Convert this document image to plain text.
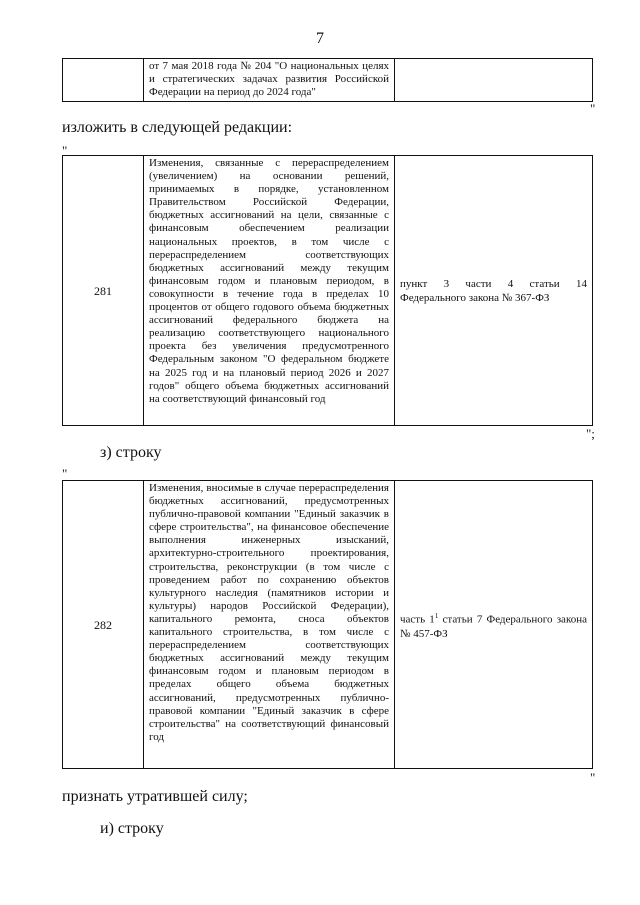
7
	от 7 мая 2018 года № 204 "О национальных целях и стратегических задачах развития Российской Федерации на период до 2024 года"	
"
изложить в следующей редакции:
"
281	Изменения, связанные с перераспределением (увеличением) на основании решений, принимаемых в порядке, установленном Правительством Российской Федерации, бюджетных ассигнований на цели, связанные с финансовым обеспечением реализации национальных проектов, в том числе с перераспределением соответствующих бюджетных ассигнований между текущим финансовым годом и плановым периодом, в совокупности в течение года в пределах 10 процентов от общего годового объема бюджетных ассигнований федерального бюджета на реализацию соответствующего национального проекта без увеличения предусмотренного Федеральным законом "О федеральном бюджете на 2025 год и на плановый период 2026 и 2027 годов" общего объема бюджетных ассигнований на соответствующий финансовый год	пункт 3 части 4 статьи 14 Федерального закона № 367-ФЗ
";
з) строку
"
282	Изменения, вносимые в случае перераспределения бюджетных ассигнований, предусмотренных публично-правовой компании "Единый заказчик в сфере строительства", на финансовое обеспечение выполнения инженерных изысканий, архитектурно-строительного проектирования, строительства, реконструкции (в том числе с проведением работ по сохранению объектов культурного наследия (памятников истории и культуры) народов Российской Федерации), капитального ремонта, сноса объектов капитального строительства, в том числе с перераспределением соответствующих бюджетных ассигнований между текущим финансовым годом и плановым периодом в пределах общего объема бюджетных ассигнований, предусмотренных публично-правовой компании "Единый заказчик в сфере строительства" на соответствующий финансовый год	часть $1^1$ статьи 7 Федерального закона № 457-ФЗ
"
признать утратившей силу;
и) строку
